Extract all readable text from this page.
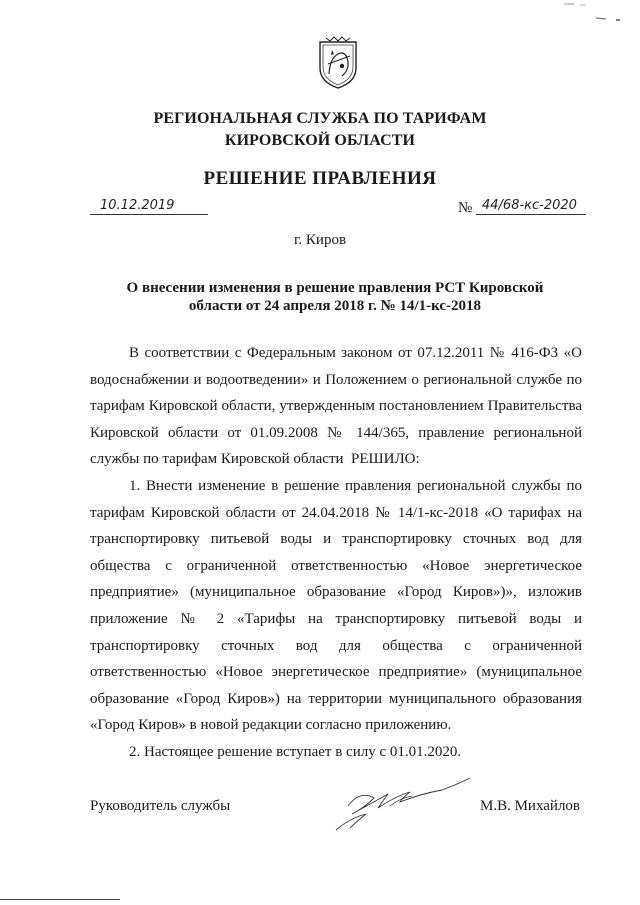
РЕГИОНАЛЬНАЯ СЛУЖБА ПО ТАРИФАМ
КИРОВСКОЙ ОБЛАСТИ
РЕШЕНИЕ ПРАВЛЕНИЯ
10.12.2019	№ 44/68-кс-2020
г. Киров
О внесении изменения в решение правления РСТ Кировской
области от 24 апреля 2018 г. № 14/1-кс-2018

В соответствии с Федеральным законом от 07.12.2011 № 416-ФЗ «О водоснабжении и водоотведении» и Положением о региональной службе по тарифам Кировской области, утвержденным постановлением Правительства Кировской области от 01.09.2008 № 144/365, правление региональной службы по тарифам Кировской области РЕШИЛО:

1. Внести изменение в решение правления региональной службы по тарифам Кировской области от 24.04.2018 № 14/1-кс-2018 «О тарифах на транспортировку питьевой воды и транспортировку сточных вод для общества с ограниченной ответственностью «Новое энергетическое предприятие» (муниципальное образование «Город Киров»)», изложив приложение № 2 «Тарифы на транспортировку питьевой воды и транспортировку сточных вод для общества с ограниченной ответственностью «Новое энергетическое предприятие» (муниципальное образование «Город Киров») на территории муниципального образования «Город Киров» в новой редакции согласно приложению.

2. Настоящее решение вступает в силу с 01.01.2020.

Руководитель службы	М.В. Михайлов
